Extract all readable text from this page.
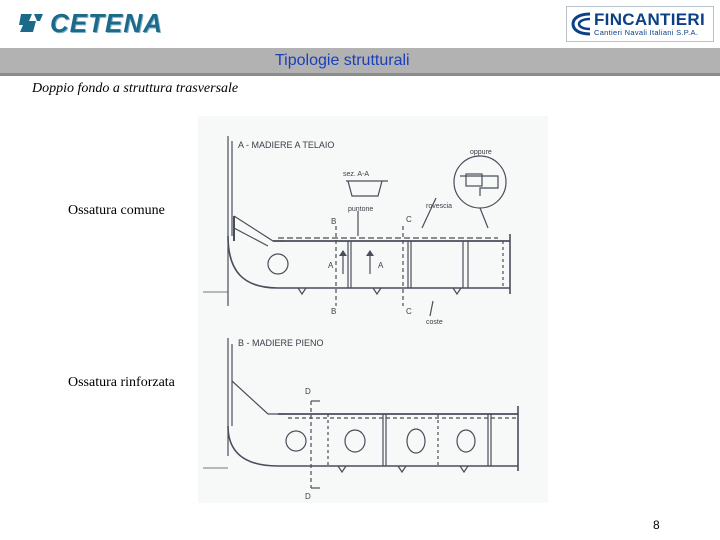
CETENA	FINCANTIERI
Cantieri Navali Italiani S.P.A.
Tipologie strutturali
Doppio fondo a struttura trasversale
Ossatura comune
Ossatura rinforzata
A - MADIERE A TELAIO
oppure
sez. A-A
puntone	rovescia
coste
B	C
A	A
B	C
B - MADIERE PIENO
D
D
8
